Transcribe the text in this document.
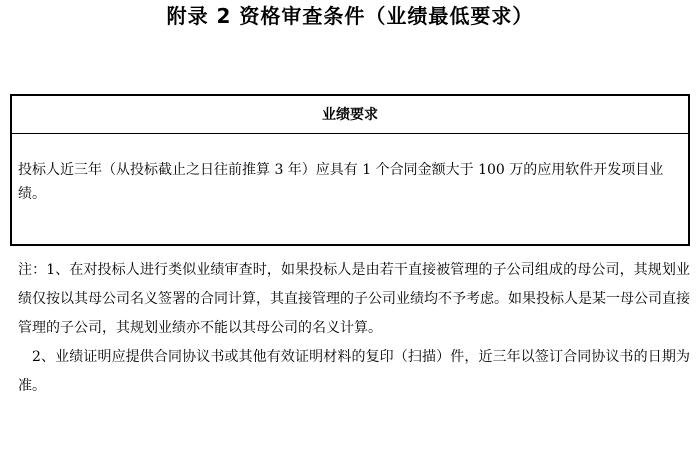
附录 2 资格审查条件（业绩最低要求）
业绩要求
投标人近三年（从投标截止之日往前推算 3 年）应具有 1 个合同金额大于 100 万的应用软件开发项目业绩。

注：1、在对投标人进行类似业绩审查时，如果投标人是由若干直接被管理的子公司组成的母公司，其规划业绩仅按以其母公司名义签署的合同计算，其直接管理的子公司业绩均不予考虑。如果投标人是某一母公司直接管理的子公司，其规划业绩亦不能以其母公司的名义计算。

2、业绩证明应提供合同协议书或其他有效证明材料的复印（扫描）件，近三年以签订合同协议书的日期为准。
